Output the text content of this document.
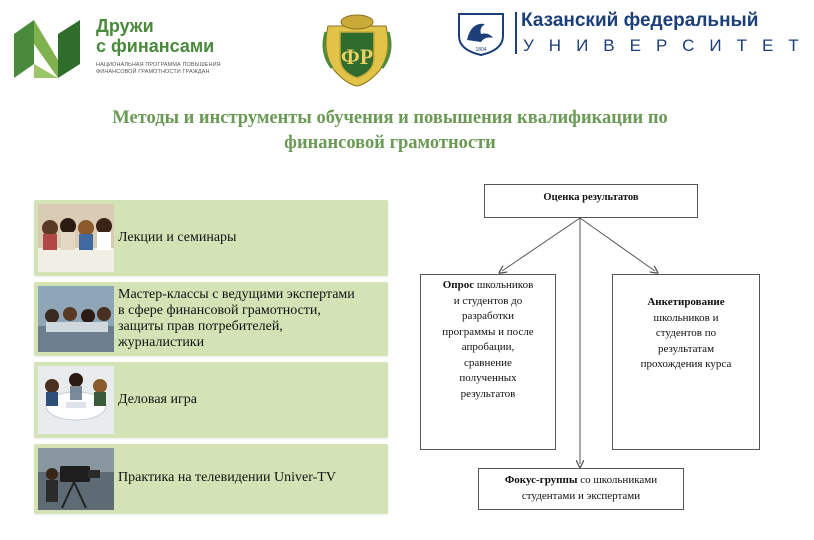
Дружи
с финансами
НАЦИОНАЛЬНАЯ ПРОГРАММА ПОВЫШЕНИЯ
ФИНАНСОВОЙ ГРАМОТНОСТИ ГРАЖДАН
ФР	1804
Казанский федеральный
УНИВЕРСИТЕТ
Методы и инструменты обучения и повышения квалификации по
финансовой грамотности
Лекции и семинары
Мастер-классы с ведущими экспертами
в сфере финансовой грамотности,
защиты прав потребителей,
журналистики
Деловая игра
Практика на телевидении Univer-TV
Оценка результатов
Опрос школьников
и студентов до
разработки
программы и после
апробации,
сравнение
полученных
результатов
Анкетирование
школьников и
студентов по
результатам
прохождения курса
Фокус-группы со школьниками
студентами и экспертами
